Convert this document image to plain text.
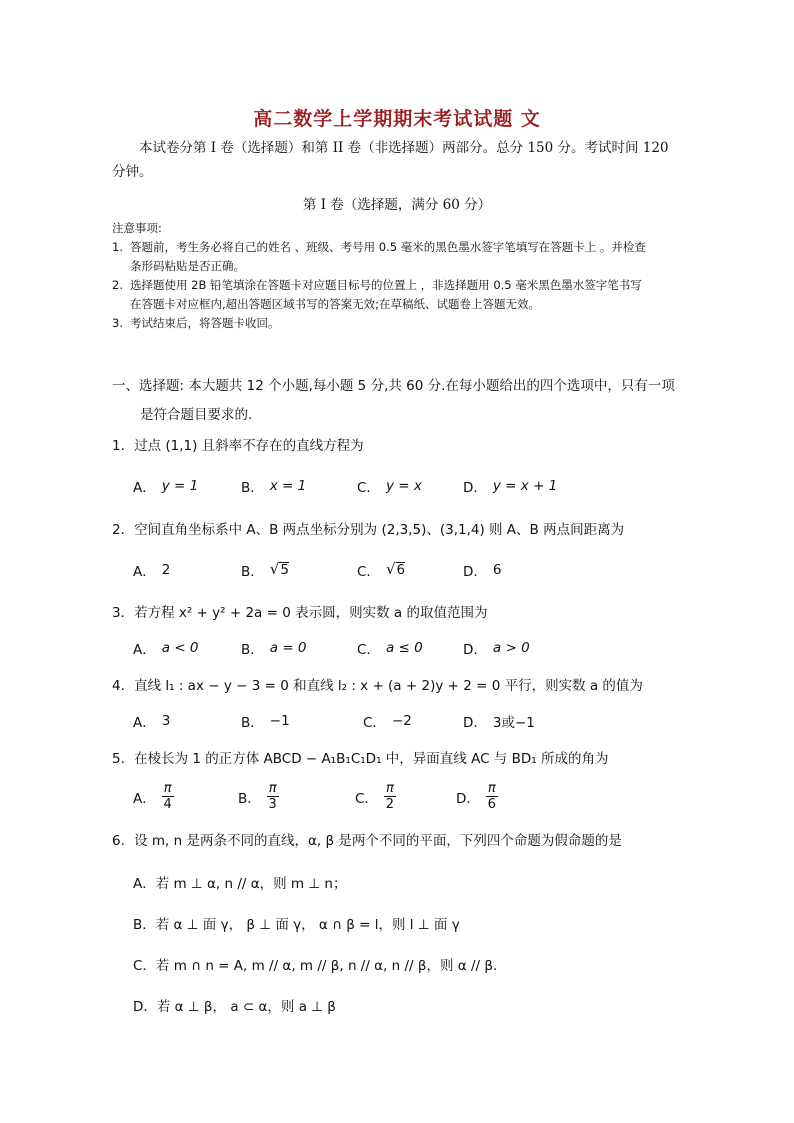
高二数学上学期期末考试试题 文
本试卷分第 I 卷（选择题）和第 II 卷（非选择题）两部分。总分 150 分。考试时间 120
分钟。
第 I 卷（选择题，满分 60 分）
注意事项:
1. 答题前，考生务必将自己的姓名 、班级、考号用 0.5 毫米的黑色墨水签字笔填写在答题卡上 。并检查
条形码粘贴是否正确。
2. 选择题使用 2B 铅笔填涂在答题卡对应题目标号的位置上 ，非选择题用 0.5 毫米黑色墨水签字笔书写
在答题卡对应框内,超出答题区域书写的答案无效;在草稿纸、试题卷上答题无效。
3. 考试结束后，将答题卡收回。
一、选择题: 本大题共 12 个小题,每小题 5 分,共 60 分.在每小题给出的四个选项中，只有一项
是符合题目要求的.
1．过点 (1,1) 且斜率不存在的直线方程为
A． y = 1	B． x = 1	C． y = x	D． y = x + 1
2．空间直角坐标系中 A、B 两点坐标分别为 (2,3,5)、(3,1,4) 则 A、B 两点间距离为
A． 2	B． √ 5	C． √ 6	D． 6
3．若方程 x² + y² + 2a = 0 表示圆，则实数 a 的取值范围为
A． a < 0	B． a = 0	C． a ≤ 0	D． a > 0
4．直线 l₁ : ax − y − 3 = 0 和直线 l₂ : x + (a + 2)y + 2 = 0 平行，则实数 a 的值为
A． 3	B． −1	C． −2	D． 3或−1
5．在棱长为 1 的正方体 ABCD − A₁B₁C₁D₁ 中，异面直线 AC 与 BD₁ 所成的角为
A． $\frac{\pi}{4}$	B． $\frac{\pi}{3}$	C． $\frac{\pi}{2}$	D． $\frac{\pi}{6}$
6．设 m, n 是两条不同的直线，α, β 是两个不同的平面，下列四个命题为假命题的是
A．若 m ⊥ α, n // α，则 m ⊥ n；
B．若 α ⊥ 面 γ， β ⊥ 面 γ， α ∩ β = l，则 l ⊥ 面 γ
C．若 m ∩ n = A, m // α, m // β, n // α, n // β，则 α // β.
D．若 α ⊥ β， a ⊂ α，则 a ⊥ β
